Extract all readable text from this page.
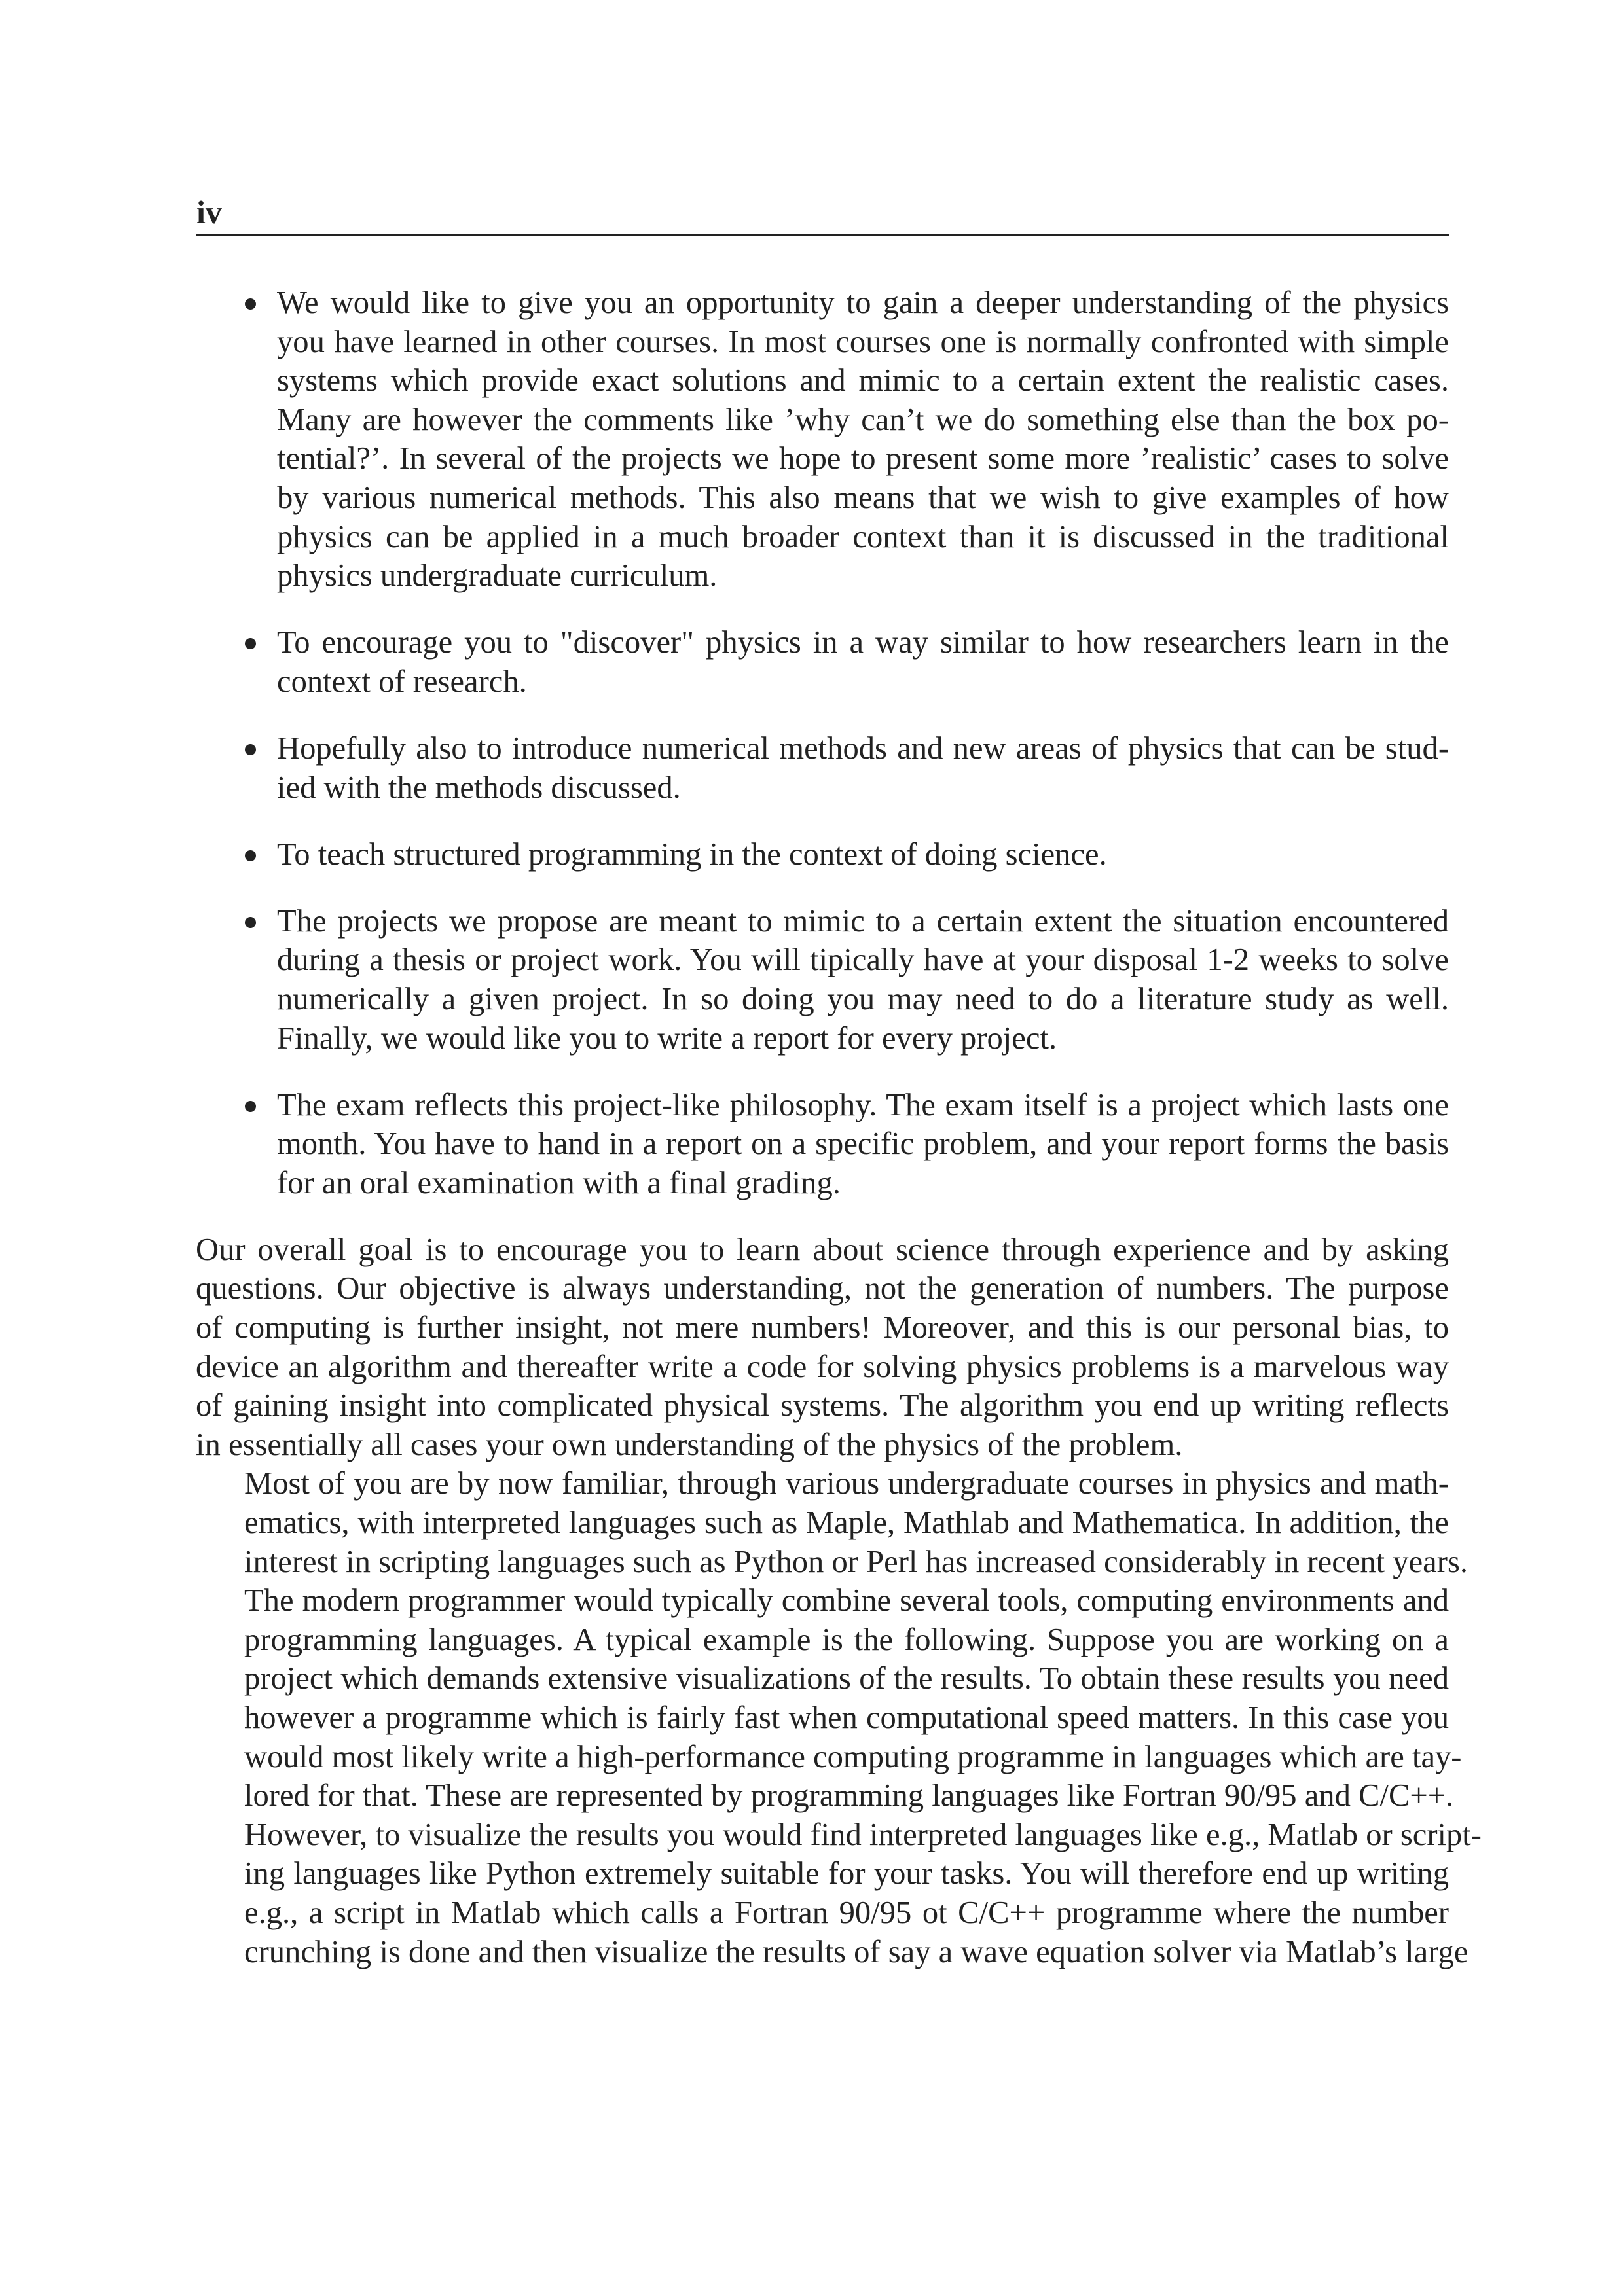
iv
We would like to give you an opportunity to gain a deeper understanding of the physics
you have learned in other courses. In most courses one is normally confronted with simple
systems which provide exact solutions and mimic to a certain extent the realistic cases.
Many are however the comments like ’why can’t we do something else than the box po-
tential?’. In several of the projects we hope to present some more ’realistic’ cases to solve
by various numerical methods. This also means that we wish to give examples of how
physics can be applied in a much broader context than it is discussed in the traditional
physics undergraduate curriculum.
To encourage you to "discover" physics in a way similar to how researchers learn in the
context of research.
Hopefully also to introduce numerical methods and new areas of physics that can be stud-
ied with the methods discussed.
To teach structured programming in the context of doing science.
The projects we propose are meant to mimic to a certain extent the situation encountered
during a thesis or project work. You will tipically have at your disposal 1-2 weeks to solve
numerically a given project. In so doing you may need to do a literature study as well.
Finally, we would like you to write a report for every project.
The exam reflects this project-like philosophy. The exam itself is a project which lasts one
month. You have to hand in a report on a specific problem, and your report forms the basis
for an oral examination with a final grading.

Our overall goal is to encourage you to learn about science through experience and by asking
questions. Our objective is always understanding, not the generation of numbers. The purpose
of computing is further insight, not mere numbers! Moreover, and this is our personal bias, to
device an algorithm and thereafter write a code for solving physics problems is a marvelous way
of gaining insight into complicated physical systems. The algorithm you end up writing reflects
in essentially all cases your own understanding of the physics of the problem.

Most of you are by now familiar, through various undergraduate courses in physics and math-
ematics, with interpreted languages such as Maple, Mathlab and Mathematica. In addition, the
interest in scripting languages such as Python or Perl has increased considerably in recent years.
The modern programmer would typically combine several tools, computing environments and
programming languages. A typical example is the following. Suppose you are working on a
project which demands extensive visualizations of the results. To obtain these results you need
however a programme which is fairly fast when computational speed matters. In this case you
would most likely write a high-performance computing programme in languages which are tay-
lored for that. These are represented by programming languages like Fortran 90/95 and C/C++.
However, to visualize the results you would find interpreted languages like e.g., Matlab or script-
ing languages like Python extremely suitable for your tasks. You will therefore end up writing
e.g., a script in Matlab which calls a Fortran 90/95 ot C/C++ programme where the number
crunching is done and then visualize the results of say a wave equation solver via Matlab’s large
